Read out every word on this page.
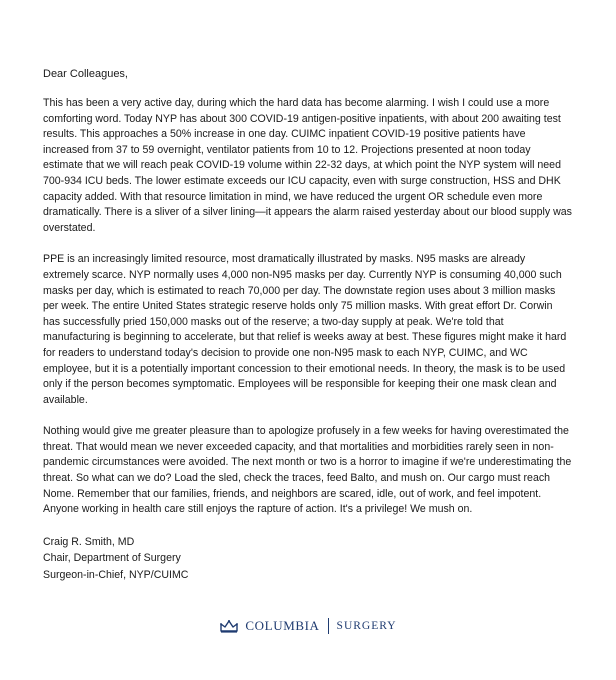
Dear Colleagues,

This has been a very active day, during which the hard data has become alarming. I wish I could use a more comforting word. Today NYP has about 300 COVID-19 antigen-positive inpatients, with about 200 awaiting test results. This approaches a 50% increase in one day. CUIMC inpatient COVID-19 positive patients have increased from 37 to 59 overnight, ventilator patients from 10 to 12. Projections presented at noon today estimate that we will reach peak COVID-19 volume within 22-32 days, at which point the NYP system will need 700-934 ICU beds. The lower estimate exceeds our ICU capacity, even with surge construction, HSS and DHK capacity added. With that resource limitation in mind, we have reduced the urgent OR schedule even more dramatically. There is a sliver of a silver lining—it appears the alarm raised yesterday about our blood supply was overstated.

PPE is an increasingly limited resource, most dramatically illustrated by masks. N95 masks are already extremely scarce. NYP normally uses 4,000 non-N95 masks per day. Currently NYP is consuming 40,000 such masks per day, which is estimated to reach 70,000 per day. The downstate region uses about 3 million masks per week. The entire United States strategic reserve holds only 75 million masks. With great effort Dr. Corwin has successfully pried 150,000 masks out of the reserve; a two-day supply at peak. We're told that manufacturing is beginning to accelerate, but that relief is weeks away at best. These figures might make it hard for readers to understand today's decision to provide one non-N95 mask to each NYP, CUIMC, and WC employee, but it is a potentially important concession to their emotional needs. In theory, the mask is to be used only if the person becomes symptomatic. Employees will be responsible for keeping their one mask clean and available.

Nothing would give me greater pleasure than to apologize profusely in a few weeks for having overestimated the threat. That would mean we never exceeded capacity, and that mortalities and morbidities rarely seen in non-pandemic circumstances were avoided. The next month or two is a horror to imagine if we're underestimating the threat. So what can we do? Load the sled, check the traces, feed Balto, and mush on. Our cargo must reach Nome. Remember that our families, friends, and neighbors are scared, idle, out of work, and feel impotent. Anyone working in health care still enjoys the rapture of action. It's a privilege! We mush on.

Craig R. Smith, MD
Chair, Department of Surgery
Surgeon-in-Chief, NYP/CUIMC
COLUMBIA SURGERY
